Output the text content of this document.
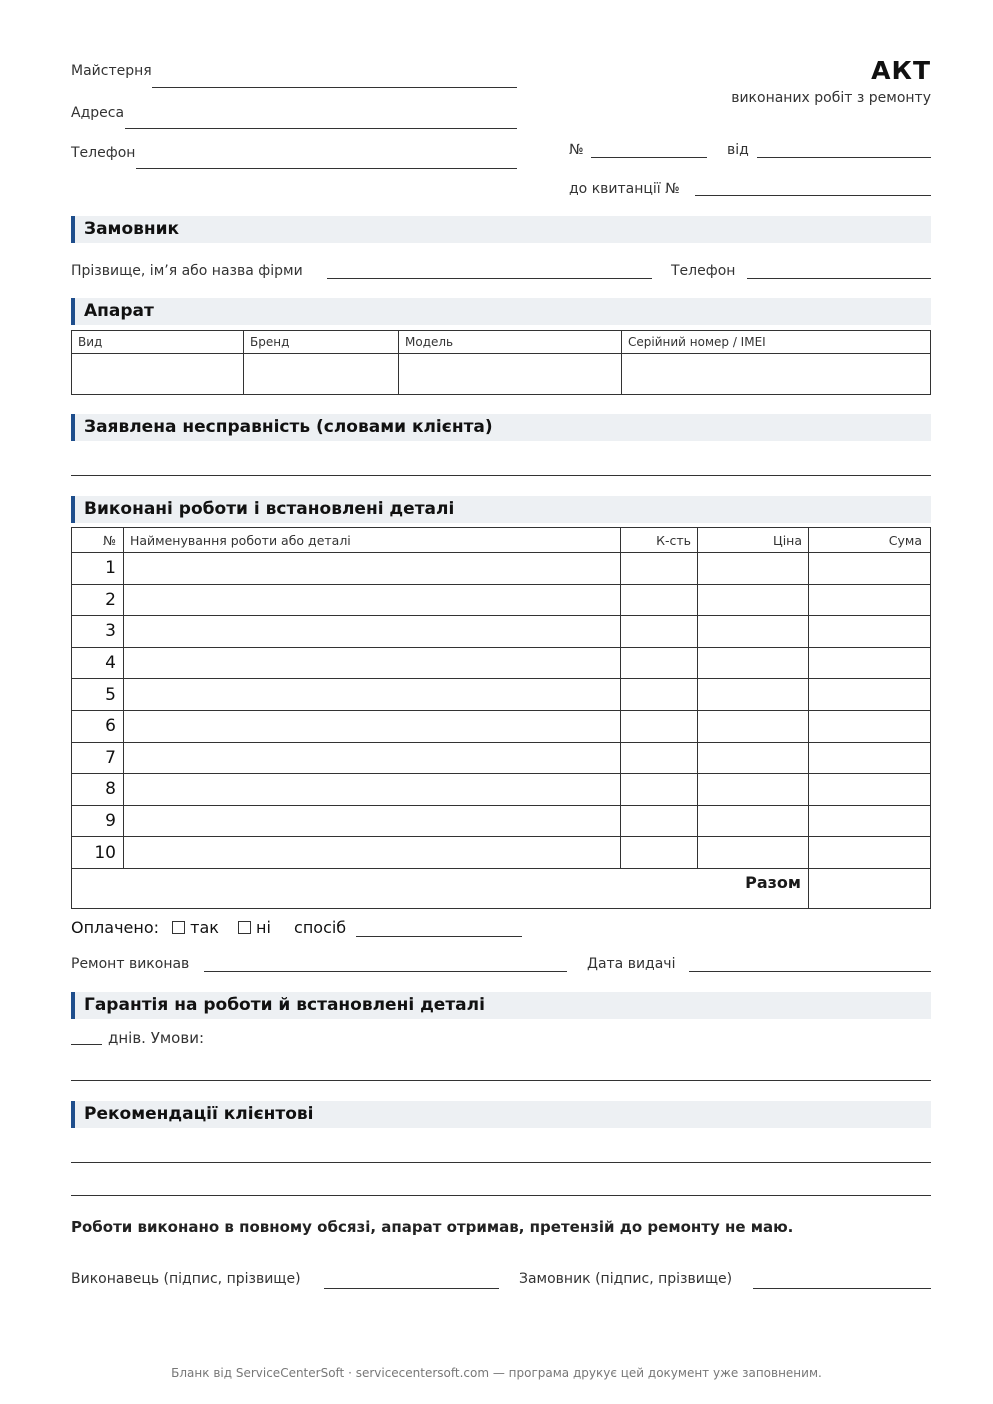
Майстерня
Адреса
Телефон
АКТ
виконаних робіт з ремонту
№	від
до квитанції №
Замовник
Прізвище, ім’я або назва фірми	Телефон
Апарат
Вид	Бренд	Модель	Серійний номер / IMEI

Заявлена несправність (словами клієнта)
Виконані роботи і встановлені деталі
№	Найменування роботи або деталі	К-сть	Ціна	Сума
1				
2				
3				
4				
5				
6				
7				
8				
9				
10				
Разом				
Оплачено: так ні спосіб
Ремонт виконав	Дата видачі
Гарантія на роботи й встановлені деталі
днів. Умови:
Рекомендації клієнтові
Роботи виконано в повному обсязі, апарат отримав, претензій до ремонту не маю.
Виконавець (підпис, прізвище)	Замовник (підпис, прізвище)
Бланк від ServiceCenterSoft · servicecentersoft.com — програма друкує цей документ уже заповненим.
